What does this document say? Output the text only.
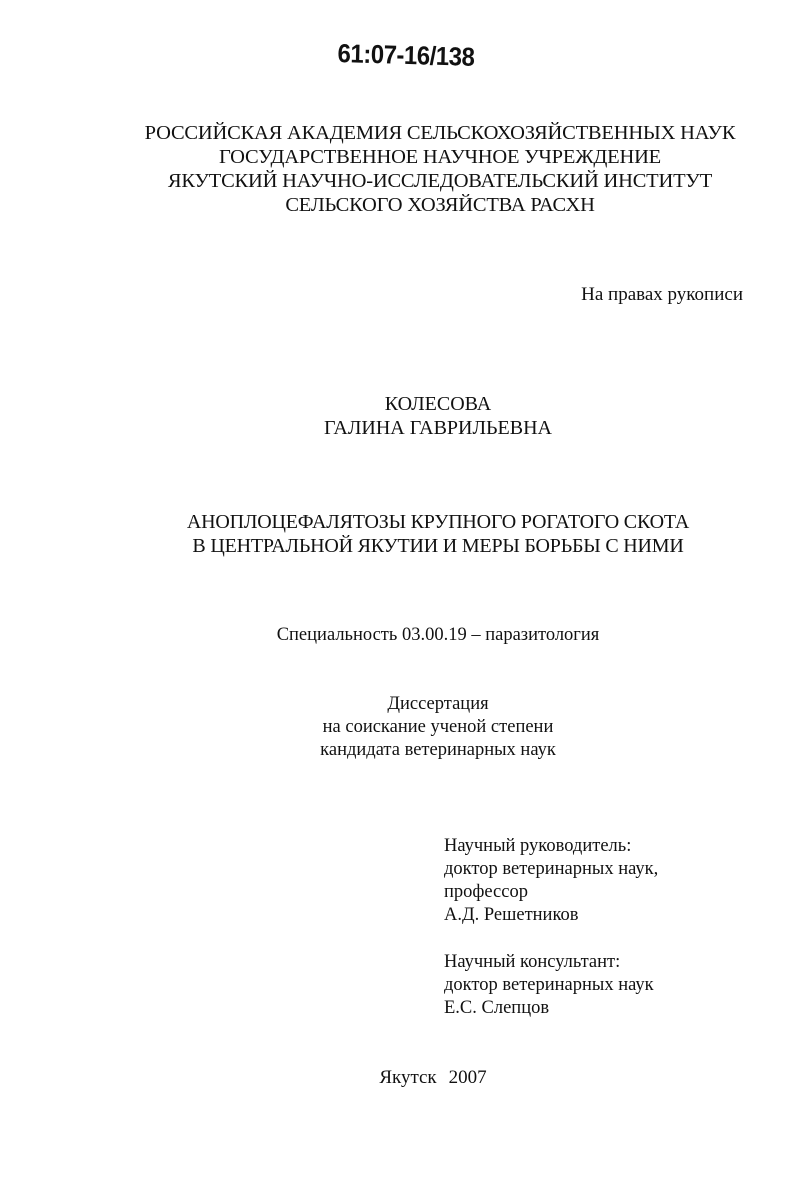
61:07-16/138
РОССИЙСКАЯ АКАДЕМИЯ СЕЛЬСКОХОЗЯЙСТВЕННЫХ НАУК
ГОСУДАРСТВЕННОЕ НАУЧНОЕ УЧРЕЖДЕНИЕ
ЯКУТСКИЙ НАУЧНО-ИССЛЕДОВАТЕЛЬСКИЙ ИНСТИТУТ
СЕЛЬСКОГО ХОЗЯЙСТВА РАСХН
На правах рукописи
КОЛЕСОВА
ГАЛИНА ГАВРИЛЬЕВНА
АНОПЛОЦЕФАЛЯТОЗЫ КРУПНОГО РОГАТОГО СКОТА
В ЦЕНТРАЛЬНОЙ ЯКУТИИ И МЕРЫ БОРЬБЫ С НИМИ
Специальность 03.00.19 – паразитология
Диссертация
на соискание ученой степени
кандидата ветеринарных наук
Научный руководитель:
доктор ветеринарных наук,
профессор
А.Д. Решетников
Научный консультант:
доктор ветеринарных наук
Е.С. Слепцов
Якутск 2007
